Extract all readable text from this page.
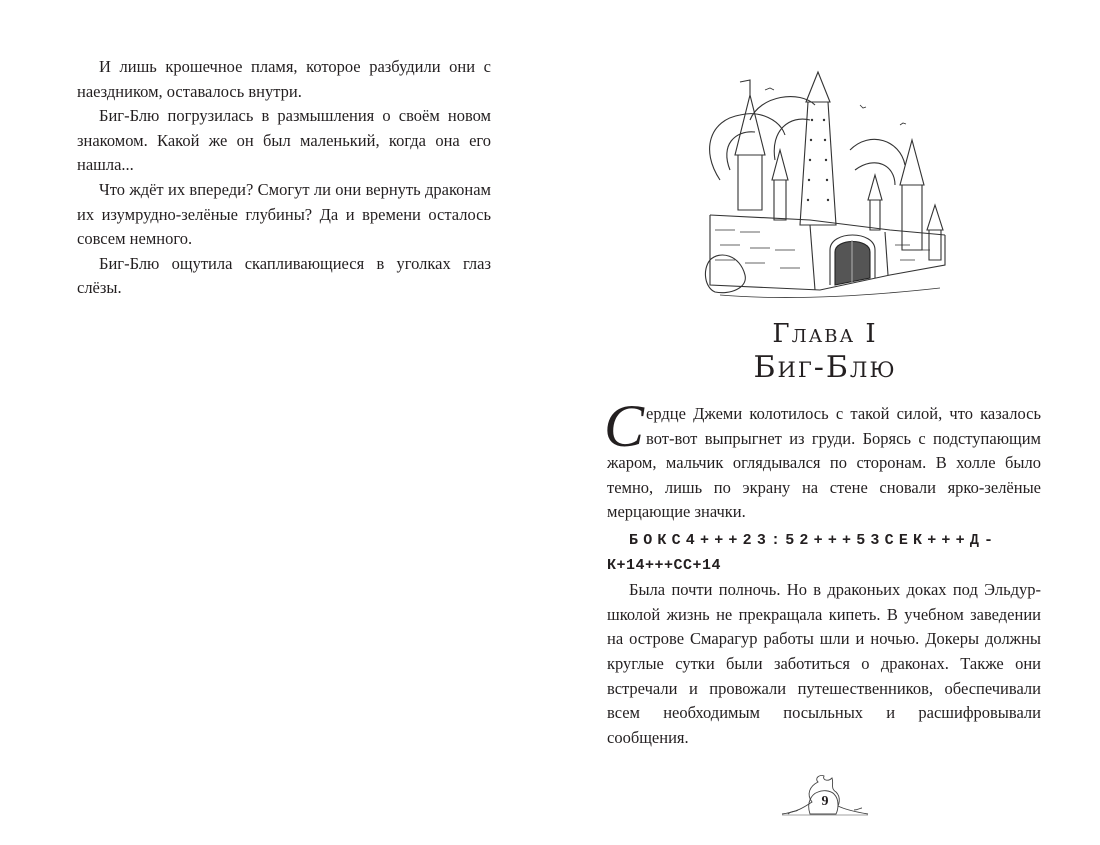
И лишь крошечное пламя, которое разбудили они с наездником, оставалось внутри.

Биг-Блю погрузилась в размышления о своём новом знакомом. Какой же он был маленький, когда она его нашла...

Что ждёт их впереди? Смогут ли они вернуть драконам их изумрудно-зелёные глубины? Да и времени осталось совсем немного.

Биг-Блю ощутила скапливающиеся в уголках глаз слёзы.

Глава I
Биг-Блю

Сердце Джеми колотилось с такой силой, что казалось вот-вот выпрыгнет из груди. Борясь с подступающим жаром, мальчик оглядывался по сторонам. В холле было темно, лишь по экрану на стене сновали ярко-зелёные мерцающие значки.

БОКС4+++23:52+++53СЕК+++Д-

К+14+++СС+14

Была почти полночь. Но в драконьих доках под Эльдур-школой жизнь не прекращала кипеть. В учебном заведении на острове Смарагур работы шли и ночью. Докеры должны круглые сутки были заботиться о драконах. Также они встречали и провожали путешественников, обеспечивали всем необходимым посыльных и расшифровывали сообщения.

9
